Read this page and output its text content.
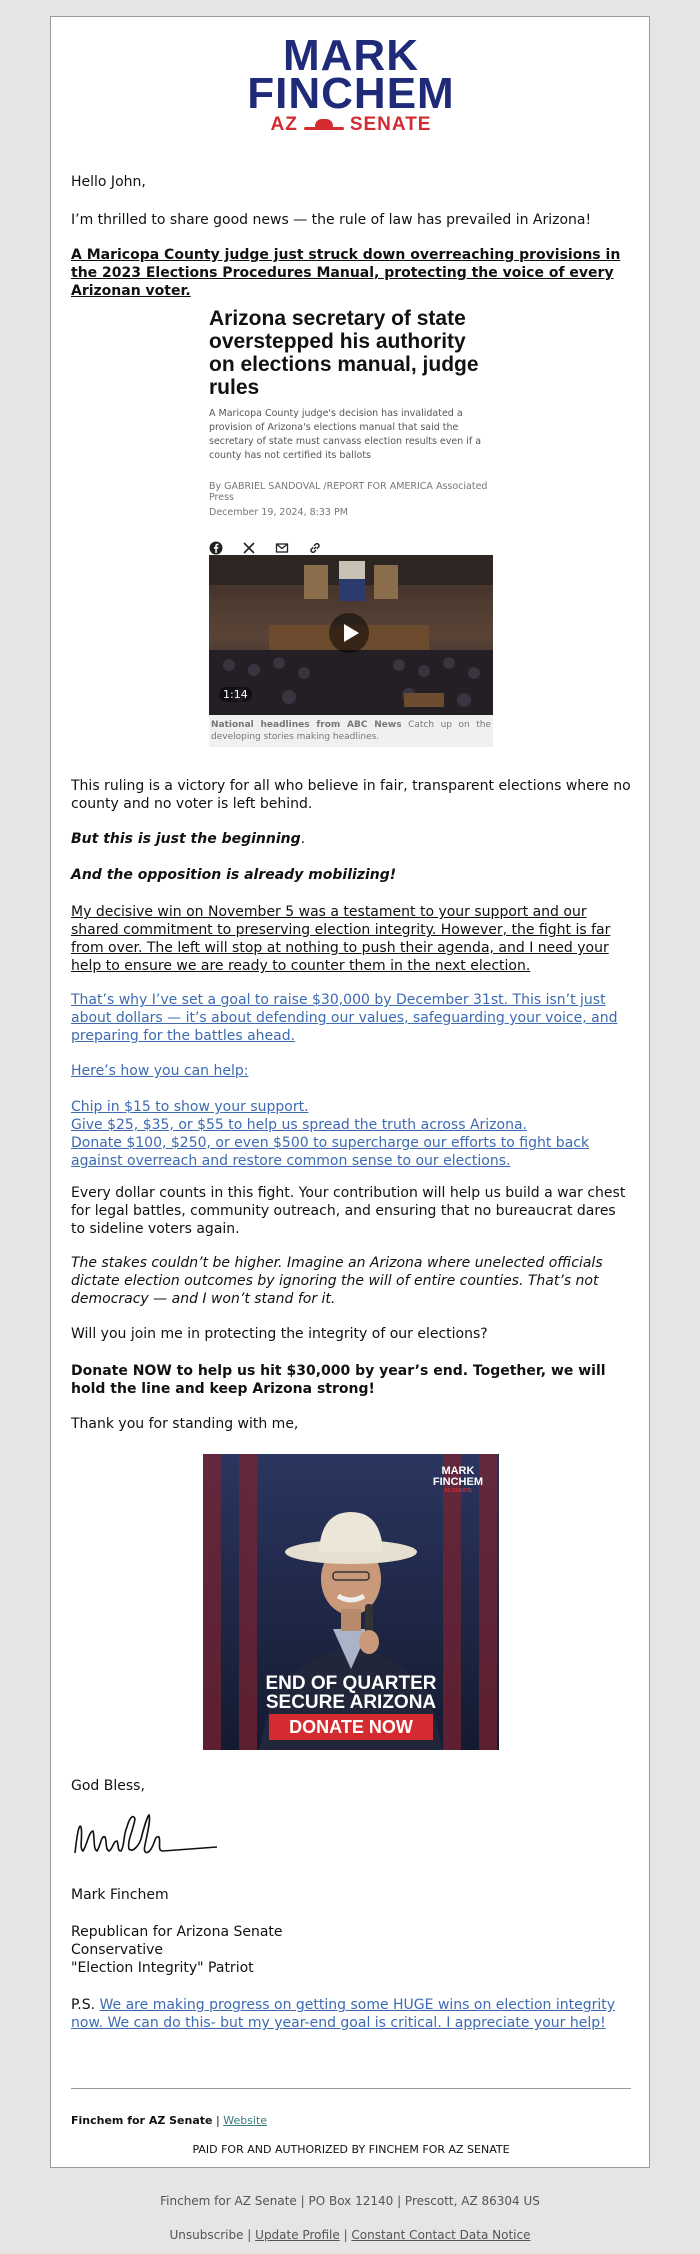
MARK
FINCHEM
AZ	SENATE

Hello John,

I’m thrilled to share good news — the rule of law has prevailed in Arizona!

A Maricopa County judge just struck down overreaching provisions in the 2023 Elections Procedures Manual, protecting the voice of every Arizonan voter.

Arizona secretary of state overstepped his authority on elections manual, judge rules
A Maricopa County judge's decision has invalidated a provision of Arizona's elections manual that said the secretary of state must canvass election results even if a county has not certified its ballots
By GABRIEL SANDOVAL /REPORT FOR AMERICA Associated Press
December 19, 2024, 8:33 PM

1:14
National headlines from ABC News Catch up on the developing stories making headlines.

This ruling is a victory for all who believe in fair, transparent elections where no county and no voter is left behind.

But this is just the beginning.

And the opposition is already mobilizing!

My decisive win on November 5 was a testament to your support and our shared commitment to preserving election integrity. However, the fight is far from over. The left will stop at nothing to push their agenda, and I need your help to ensure we are ready to counter them in the next election.

That’s why I’ve set a goal to raise $30,000 by December 31st. This isn’t just about dollars — it’s about defending our values, safeguarding your voice, and preparing for the battles ahead.

Here’s how you can help:

Chip in $15 to show your support.
Give $25, $35, or $55 to help us spread the truth across Arizona.
Donate $100, $250, or even $500 to supercharge our efforts to fight back against overreach and restore common sense to our elections.

Every dollar counts in this fight. Your contribution will help us build a war chest for legal battles, community outreach, and ensuring that no bureaucrat dares to sideline voters again.

The stakes couldn’t be higher. Imagine an Arizona where unelected officials dictate election outcomes by ignoring the will of entire counties. That’s not democracy — and I won’t stand for it.

Will you join me in protecting the integrity of our elections?

Donate NOW to help us hit $30,000 by year’s end. Together, we will hold the line and keep Arizona strong!

Thank you for standing with me,

MARK
FINCHEM
AZ SENATE
END OF QUARTER
SECURE ARIZONA
DONATE NOW

God Bless,

Mark Finchem

Republican for Arizona Senate
Conservative
"Election Integrity" Patriot

P.S. We are making progress on getting some HUGE wins on election integrity now. We can do this- but my year-end goal is critical. I appreciate your help!

Finchem for AZ Senate | Website

PAID FOR AND AUTHORIZED BY FINCHEM FOR AZ SENATE

Finchem for AZ Senate | PO Box 12140 | Prescott, AZ 86304 US
Unsubscribe | Update Profile | Constant Contact Data Notice
